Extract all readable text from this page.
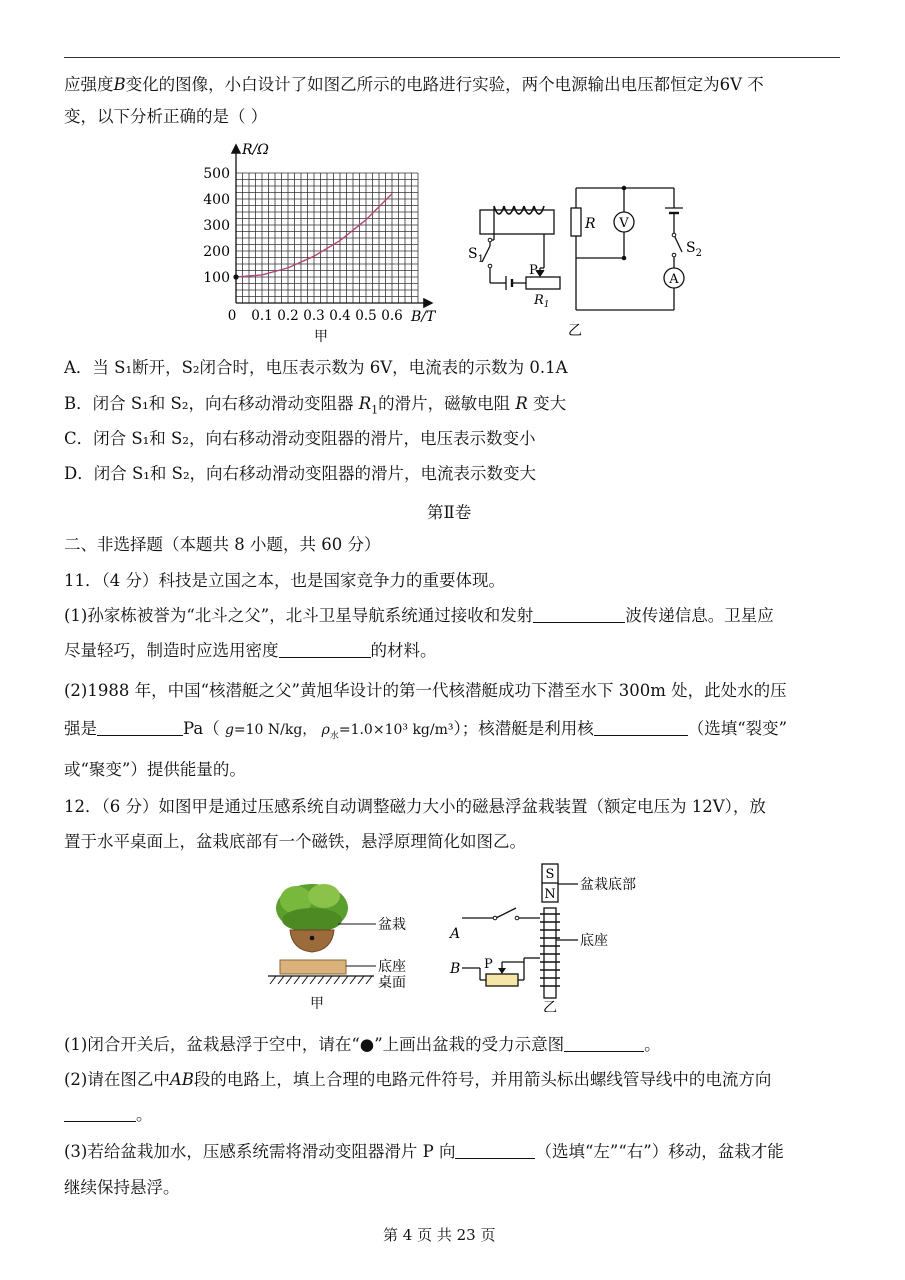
应强度B变化的图像，小白设计了如图乙所示的电路进行实验，两个电源输出电压都恒定为6V 不
变，以下分析正确的是（ ）
100
200
300
400
500
0 0.1 0.2 0.3 0.4 0.5 0.6
R/Ω
B/T
甲
$S_1$
P
$R_1$
R V
A
$S_2$
乙
A．当 S₁断开，S₂闭合时，电压表示数为 6V，电流表的示数为 0.1A
B．闭合 S₁和 S₂，向右移动滑动变阻器 $R_1$的滑片，磁敏电阻 R 变大
C．闭合 S₁和 S₂，向右移动滑动变阻器的滑片，电压表示数变小
D．闭合 S₁和 S₂，向右移动滑动变阻器的滑片，电流表示数变大
第Ⅱ卷
二、非选择题（本题共 8 小题，共 60 分）
11．（4 分）科技是立国之本，也是国家竞争力的重要体现。
(1)孙家栋被誉为“北斗之父”，北斗卫星导航系统通过接收和发射	波传递信息。卫星应
尽量轻巧，制造时应选用密度	的材料。
(2)1988 年，中国“核潜艇之父”黄旭华设计的第一代核潜艇成功下潜至水下 300m 处，此处水的压
强是	Pa（ g=10 N/kg， $\rho_水=1.0\times 10^3$ kg/m³）；核潜艇是利用核	（选填“裂变”
或“聚变”）提供能量的。
12．（6 分）如图甲是通过压感系统自动调整磁力大小的磁悬浮盆栽装置（额定电压为 12V），放
置于水平桌面上，盆栽底部有一个磁铁，悬浮原理简化如图乙。
盆栽
底座
桌面
甲
S
N
盆栽底部
底座
A
B P
乙
(1)闭合开关后，盆栽悬浮于空中，请在“●”上画出盆栽的受力示意图	。
(2)请在图乙中AB段的电路上，填上合理的电路元件符号，并用箭头标出螺线管导线中的电流方向
。
(3)若给盆栽加水，压感系统需将滑动变阻器滑片 P 向	（选填“左”“右”）移动，盆栽才能
继续保持悬浮。
第 4 页 共 23 页
